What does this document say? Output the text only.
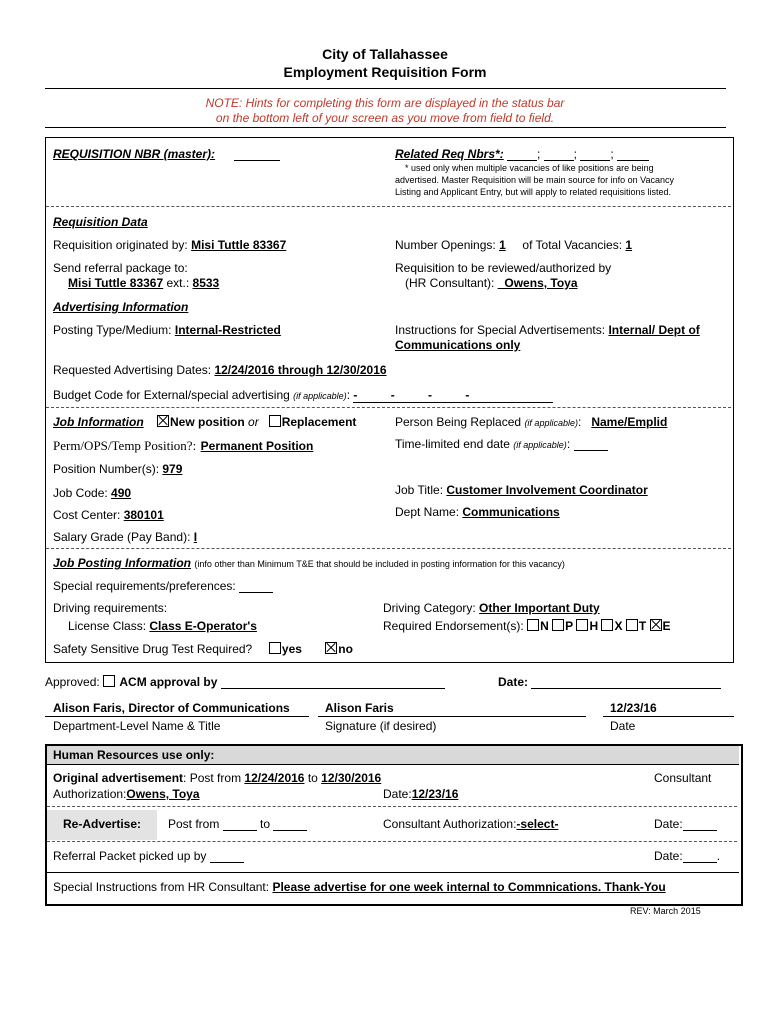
City of Tallahassee
Employment Requisition Form
NOTE: Hints for completing this form are displayed in the status bar
on the bottom left of your screen as you move from field to field.
REQUISITION NBR (master):	Related Req Nbrs*:	;	;	;
* used only when multiple vacancies of like positions are being
advertised. Master Requisition will be main source for info on Vacancy
Listing and Applicant Entry, but will apply to related requisitions listed.
Requisition Data
Requisition originated by: Misi Tuttle 83367	Number Openings: 1 of Total Vacancies: 1
Send referral package to:
Misi Tuttle 83367 ext.: 8533
Requisition to be reviewed/authorized by
(HR Consultant): _Owens, Toya
Advertising Information
Posting Type/Medium: Internal-Restricted	Instructions for Special Advertisements: Internal/ Dept of
Communications only
Requested Advertising Dates: 12/24/2016 through 12/30/2016
Budget Code for External/special advertising (if applicable): -          -          -          -
Job Information New position or Replacement	Person Being Replaced (if applicable): Name/Emplid
Perm/OPS/Temp Position?: Permanent Position	Time-limited end date (if applicable):
Position Number(s): 979
Job Code: 490	Job Title: Customer Involvement Coordinator
Cost Center: 380101	Dept Name: Communications
Salary Grade (Pay Band): I
Job Posting Information (info other than Minimum T&E that should be included in posting information for this vacancy)
Special requirements/preferences:
Driving requirements:
License Class: Class E-Operator's
Driving Category: Other Important Duty
Required Endorsement(s): N P H X T E
Safety Sensitive Drug Test Required? yes	no
Approved: ACM approval by	Date:
Alison Faris, Director of Communications
Department-Level Name & Title
Alison Faris
Signature (if desired)
12/23/16
Date
Human Resources use only:
Original advertisement: Post from 12/24/2016 to 12/30/2016	Consultant
Authorization:Owens, Toya	Date:12/23/16
Re-Advertise: Post from	to	Consultant Authorization:-select-	Date:
Referral Packet picked up by	Date:	.
Special Instructions from HR Consultant: Please advertise for one week internal to Commnications. Thank-You
REV: March 2015
